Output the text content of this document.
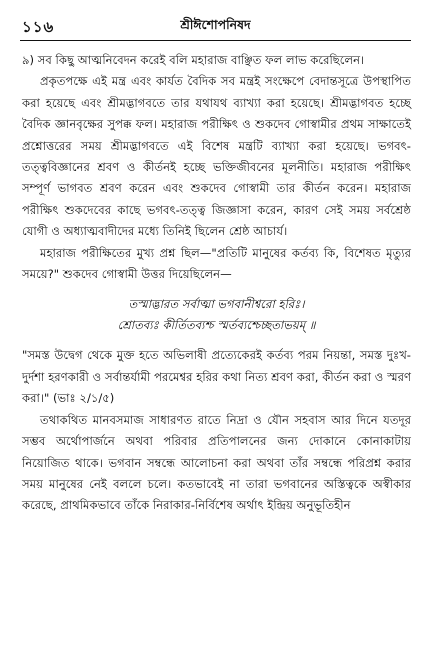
১১৬	শ্রীঈশোপনিষদ

৯) সব কিছু আত্মনিবেদন করেই বলি মহারাজ বাঞ্ছিত ফল লাভ করেছিলেন।

প্রকৃতপক্ষে এই মন্ত্র এবং কার্যত বৈদিক সব মন্ত্রই সংক্ষেপে বেদান্তসূত্রে উপস্থাপিত করা হয়েছে এবং শ্রীমদ্ভাগবতে তার যথাযথ ব্যাখ্যা করা হয়েছে। শ্রীমদ্ভাগবত হচ্ছে বৈদিক জ্ঞানবৃক্ষের সুপক্ক ফল। মহারাজ পরীক্ষিৎ ও শুকদেব গোস্বামীর প্রথম সাক্ষাতেই প্রশ্নোত্তরের সময় শ্রীমদ্ভাগবতে এই বিশেষ মন্ত্রটি ব্যাখ্যা করা হয়েছে। ভগবৎ-তত্ত্ববিজ্ঞানের শ্রবণ ও কীর্তনই হচ্ছে ভক্তিজীবনের মূলনীতি। মহারাজ পরীক্ষিৎ সম্পূর্ণ ভাগবত শ্রবণ করেন এবং শুকদেব গোস্বামী তার কীর্তন করেন। মহারাজ পরীক্ষিৎ শুকদেবের কাছে ভগবৎ-তত্ত্ব জিজ্ঞাসা করেন, কারণ সেই সময় সর্বশ্রেষ্ঠ যোগী ও অধ্যাত্মবাদীদের মধ্যে তিনিই ছিলেন শ্রেষ্ঠ আচার্য।

মহারাজ পরীক্ষিতের মুখ্য প্রশ্ন ছিল—"প্রতিটি মানুষের কর্তব্য কি, বিশেষত মৃত্যুর সময়ে?" শুকদেব গোস্বামী উত্তর দিয়েছিলেন—

তস্মাদ্ভারত সর্বাত্মা ভগবানীশ্বরো হরিঃ।
শ্রোতব্যঃ কীর্তিতব্যশ্চ স্মর্তব্যশ্চেচ্ছতাভয়ম্ ॥

"সমস্ত উদ্বেগ থেকে মুক্ত হতে অভিলাষী প্রত্যেকেরই কর্তব্য পরম নিয়ন্তা, সমস্ত দুঃখ-দুর্দশা হরণকারী ও সর্বান্তর্যামী পরমেশ্বর হরির কথা নিত্য শ্রবণ করা, কীর্তন করা ও স্মরণ করা।" (ভাঃ ২/১/৫)

তথাকথিত মানবসমাজ সাধারণত রাতে নিদ্রা ও যৌন সহবাস আর দিনে যতদূর সম্ভব অর্থোপার্জনে অথবা পরিবার প্রতিপালনের জন্য দোকানে কোনাকাটায় নিয়োজিত থাকে। ভগবান সম্বন্ধে আলোচনা করা অথবা তাঁর সম্বন্ধে পরিপ্রশ্ন করার সময় মানুষের নেই বললে চলে। কতভাবেই না তারা ভগবানের অস্তিত্বকে অস্বীকার করেছে, প্রাথমিকভাবে তাঁকে নিরাকার-নির্বিশেষ অর্থাৎ ইন্দ্রিয় অনুভূতিহীন
